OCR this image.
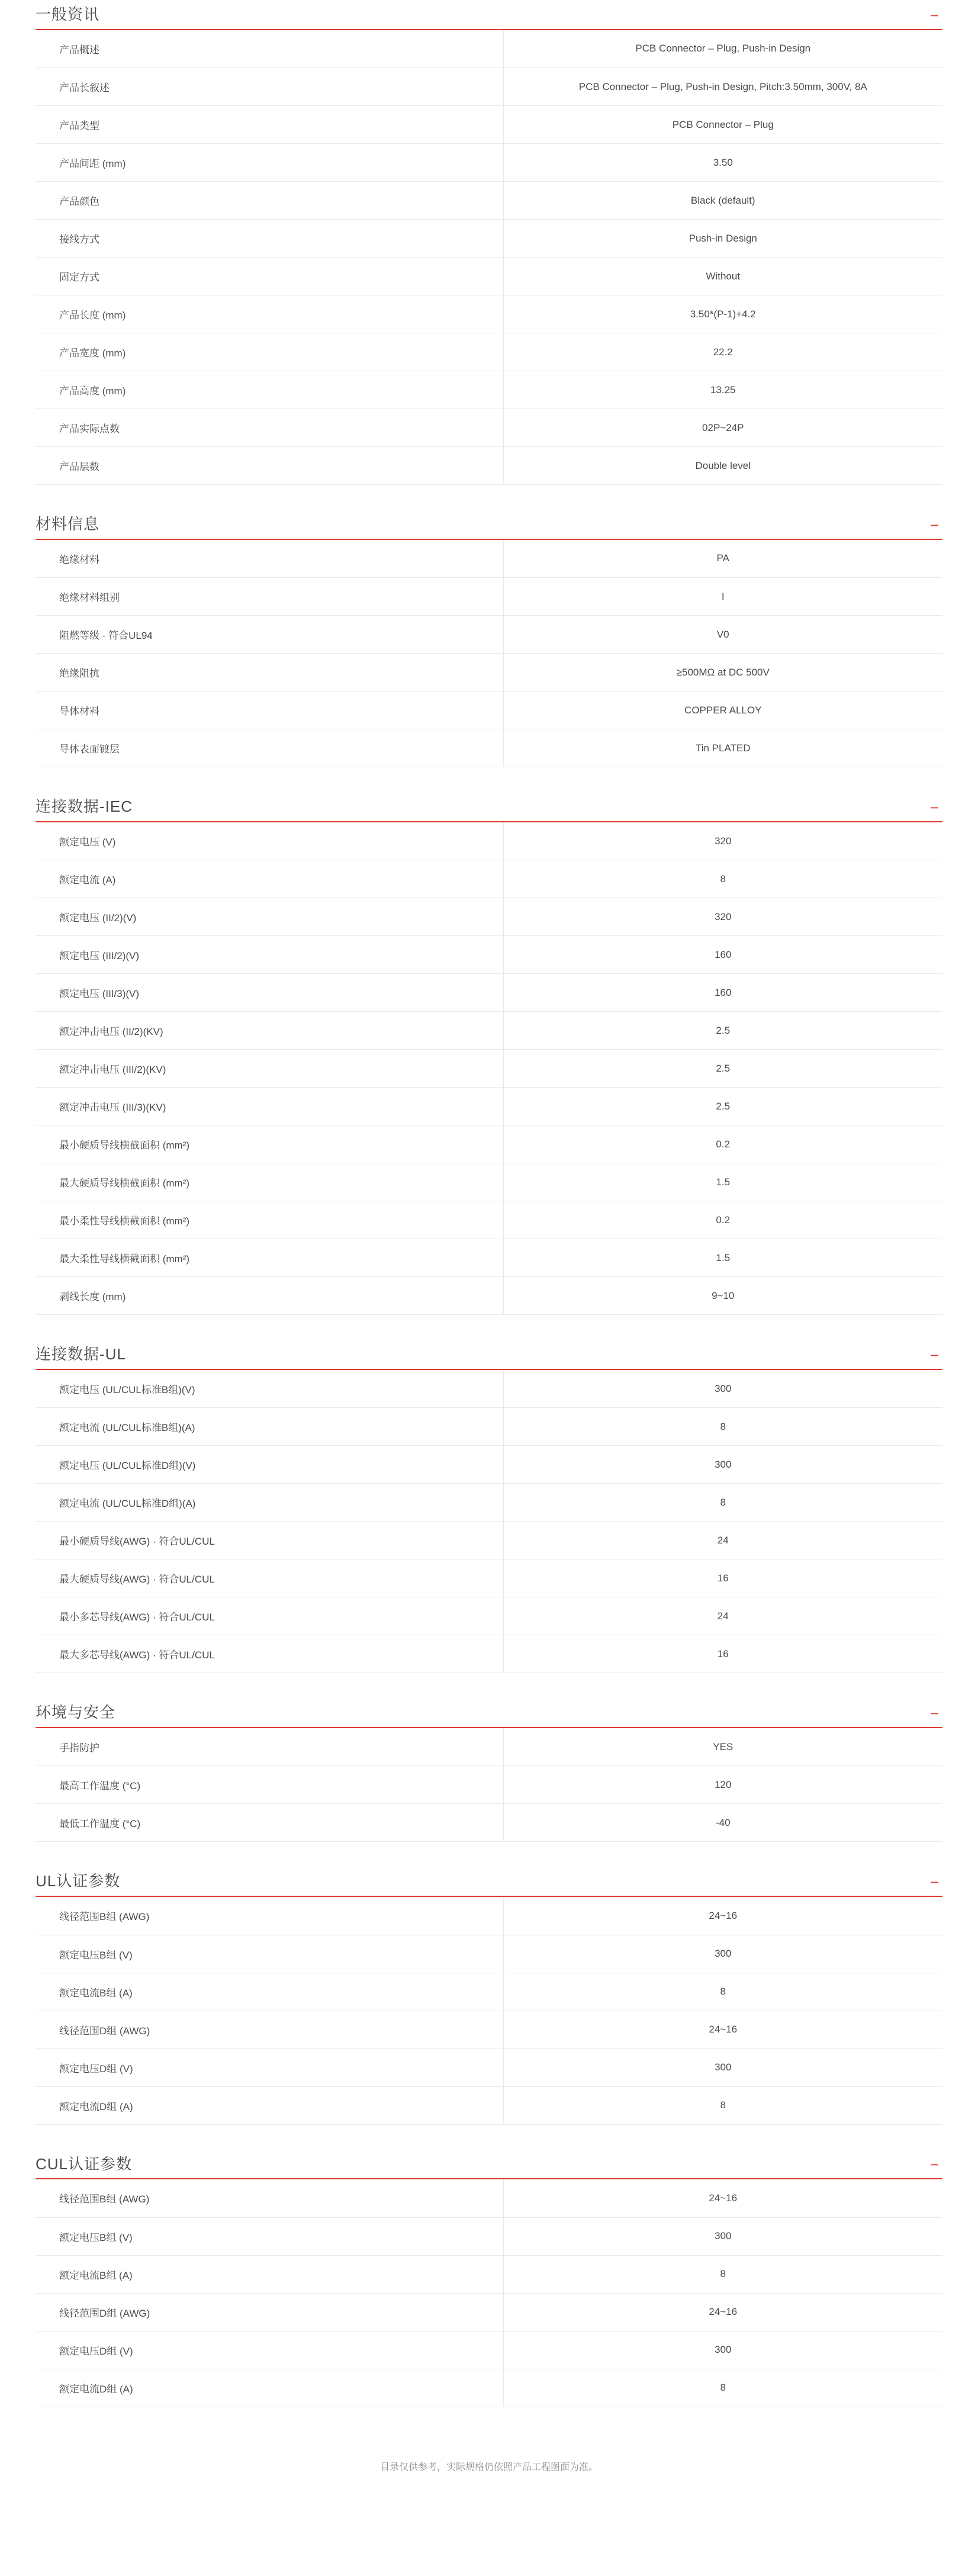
一般资讯	−
产品概述	PCB Connector – Plug, Push-in Design
产品长叙述	PCB Connector – Plug, Push-in Design, Pitch:3.50mm, 300V, 8A
产品类型	PCB Connector – Plug
产品间距 (mm)	3.50
产品颜色	Black (default)
接线方式	Push-in Design
固定方式	Without
产品长度 (mm)	3.50*(P-1)+4.2
产品宽度 (mm)	22.2
产品高度 (mm)	13.25
产品实际点数	02P~24P
产品层数	Double level
材料信息	−
绝缘材料	PA
绝缘材料组别	I
阻燃等级 · 符合UL94	V0
绝缘阻抗	≥500MΩ at DC 500V
导体材料	COPPER ALLOY
导体表面镀层	Tin PLATED
连接数据-IEC	−
额定电压 (V)	320
额定电流 (A)	8
额定电压 (II/2)(V)	320
额定电压 (III/2)(V)	160
额定电压 (III/3)(V)	160
额定冲击电压 (II/2)(KV)	2.5
额定冲击电压 (III/2)(KV)	2.5
额定冲击电压 (III/3)(KV)	2.5
最小硬质导线横截面积 (mm²)	0.2
最大硬质导线横截面积 (mm²)	1.5
最小柔性导线横截面积 (mm²)	0.2
最大柔性导线横截面积 (mm²)	1.5
剥线长度 (mm)	9~10
连接数据-UL	−
额定电压 (UL/CUL标准B组)(V)	300
额定电流 (UL/CUL标准B组)(A)	8
额定电压 (UL/CUL标准D组)(V)	300
额定电流 (UL/CUL标准D组)(A)	8
最小硬质导线(AWG) · 符合UL/CUL	24
最大硬质导线(AWG) · 符合UL/CUL	16
最小多芯导线(AWG) · 符合UL/CUL	24
最大多芯导线(AWG) · 符合UL/CUL	16
环境与安全	−
手指防护	YES
最高工作温度 (°C)	120
最低工作温度 (°C)	-40
UL认证参数	−
线径范围B组 (AWG)	24~16
额定电压B组 (V)	300
额定电流B组 (A)	8
线径范围D组 (AWG)	24~16
额定电压D组 (V)	300
额定电流D组 (A)	8
CUL认证参数	−
线径范围B组 (AWG)	24~16
额定电压B组 (V)	300
额定电流B组 (A)	8
线径范围D组 (AWG)	24~16
额定电压D组 (V)	300
额定电流D组 (A)	8
目录仅供参考，实际规格仍依照产品工程图面为准。
